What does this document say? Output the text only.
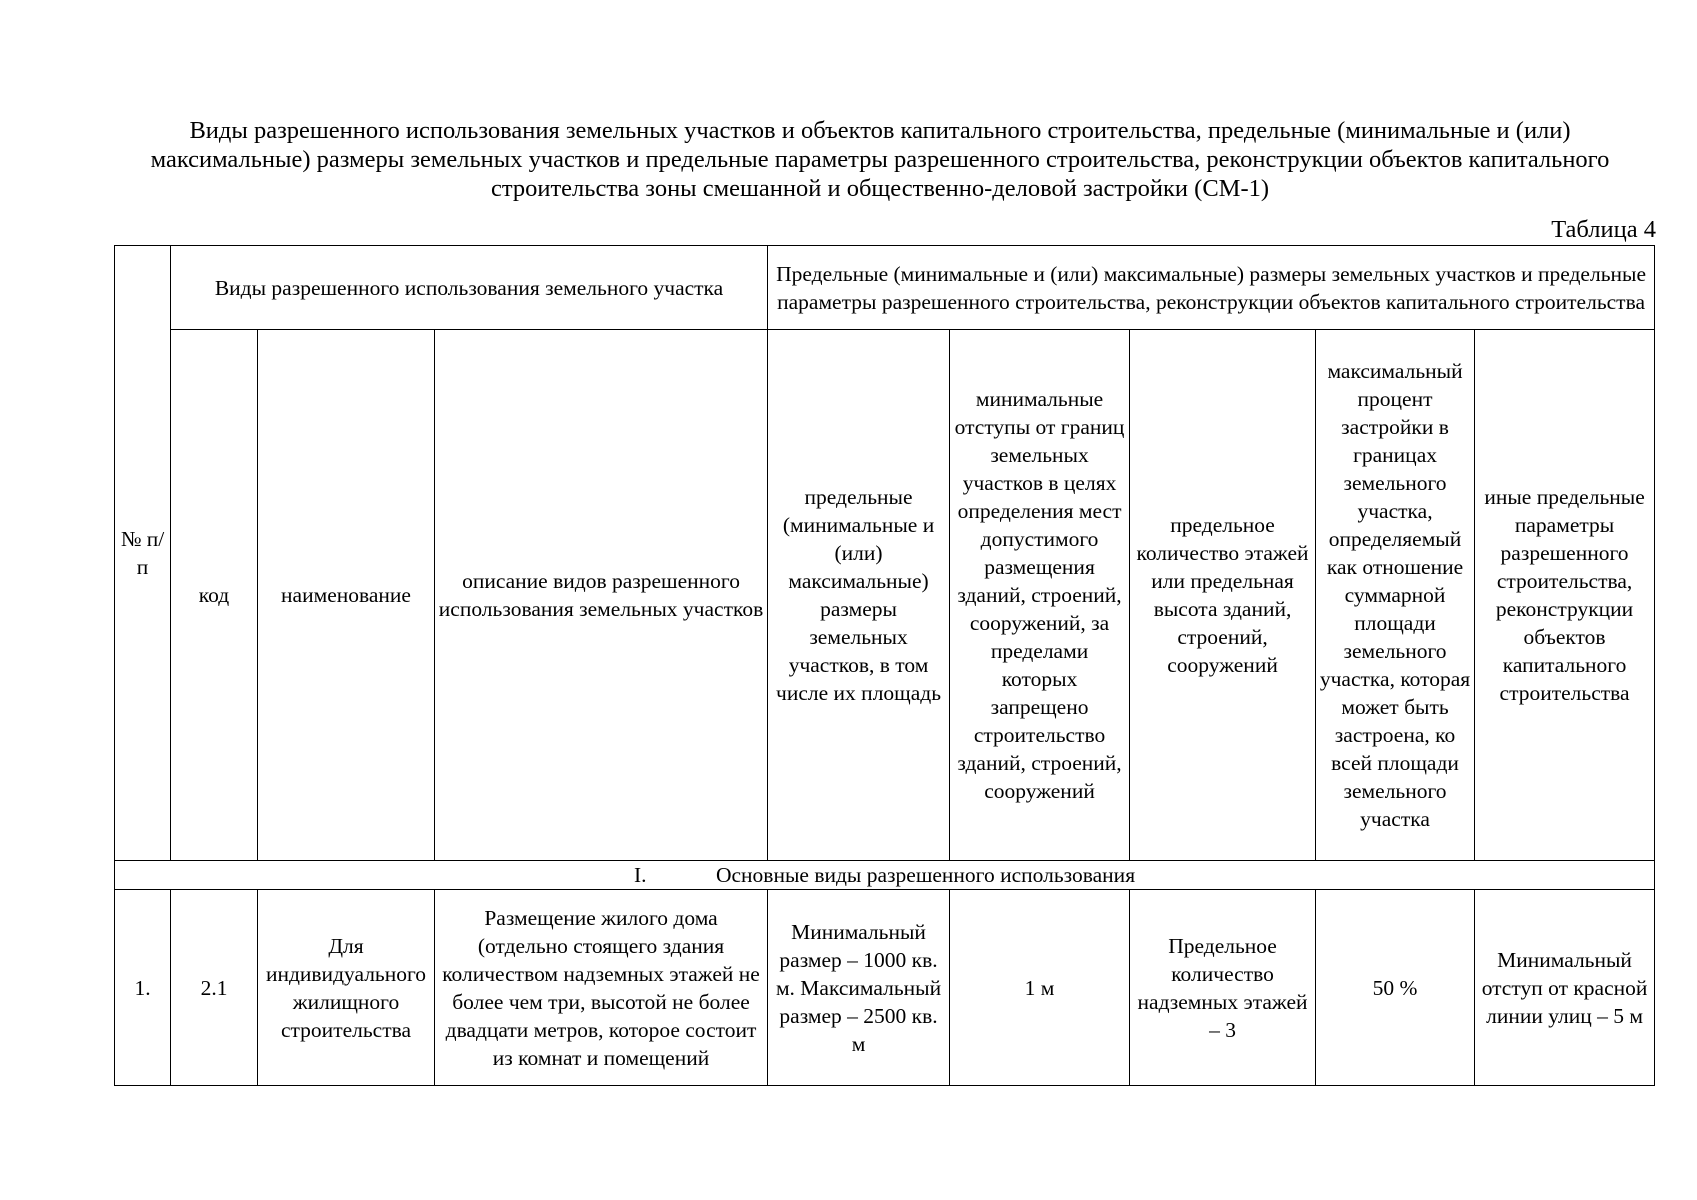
Виды разрешенного использования земельных участков и объектов капитального строительства, предельные (минимальные и (или) максимальные) размеры земельных участков и предельные параметры разрешенного строительства, реконструкции объектов капитального строительства зоны смешанной и общественно-деловой застройки (СМ-1)

Таблица 4

№ п/п	Виды разрешенного использования земельного участка			Предельные (минимальные и (или) максимальные) размеры земельных участков и предельные параметры разрешенного строительства, реконструкции объектов капитального строительства				
	код	наименование	описание видов разрешенного использования земельных участков	предельные (минимальные и (или) максимальные) размеры земельных участков, в том числе их площадь	минимальные отступы от границ земельных участков в целях определения мест допустимого размещения зданий, строений, сооружений, за пределами которых запрещено строительство зданий, строений, сооружений	предельное количество этажей или предельная высота зданий, строений, сооружений	максимальный процент застройки в границах земельного участка, определяемый как отношение суммарной площади земельного участка, которая может быть застроена, ко всей площади земельного участка	иные предельные параметры разрешенного строительства, реконструкции объектов капитального строительства
I. Основные виды разрешенного использования								
1.	2.1	Для индивидуального жилищного строительства	Размещение жилого дома (отдельно стоящего здания количеством надземных этажей не более чем три, высотой не более двадцати метров, которое состоит из комнат и помещений	Минимальный размер – 1000 кв. м. Максимальный размер – 2500 кв. м	1 м	Предельное количество надземных этажей – 3	50 %	Минимальный отступ от красной линии улиц – 5 м
